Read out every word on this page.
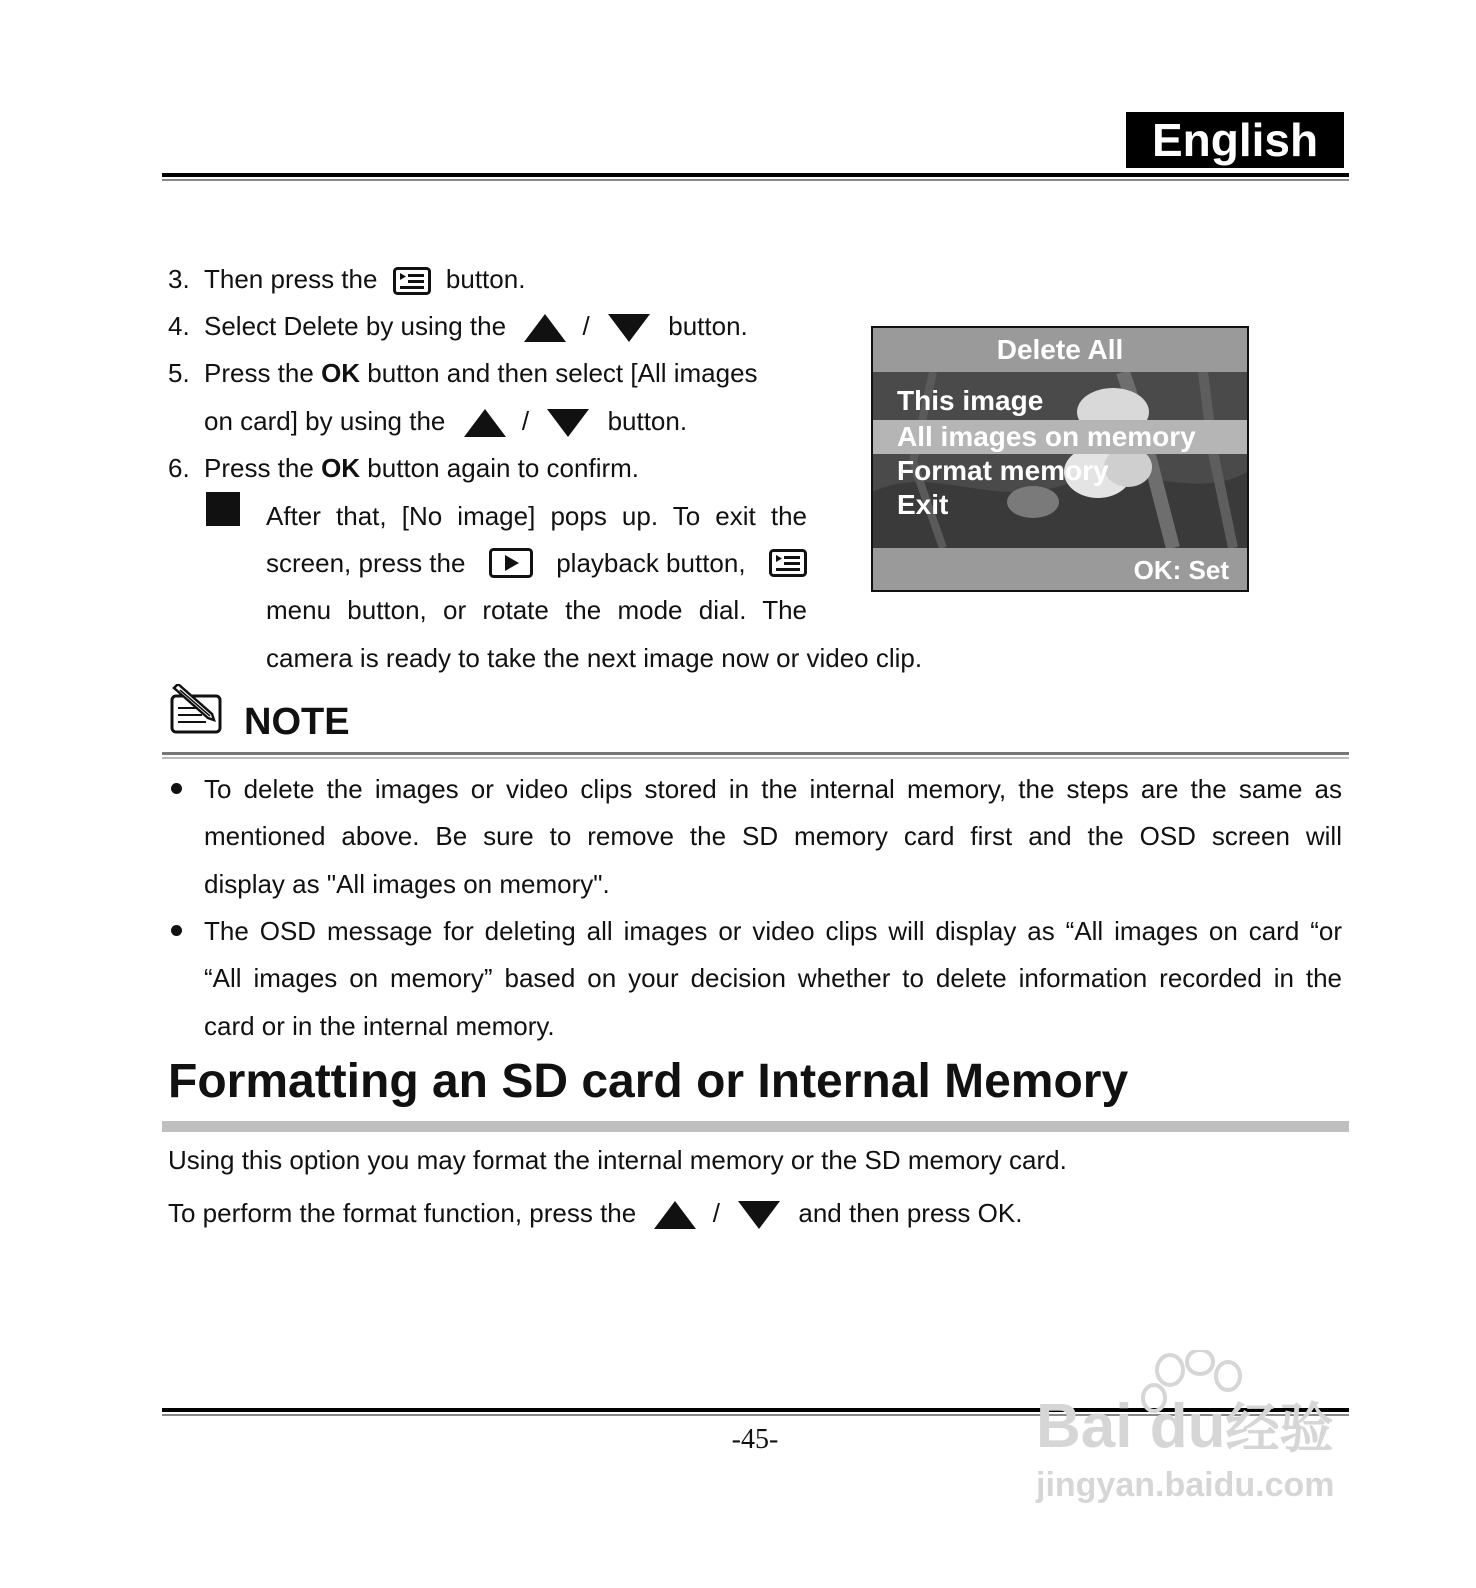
English
3. Then press the	button.
4. Select Delete by using the	/	button.
5. Press the OK button and then select [All images
on card] by using the	/	button.
6. Press the OK button again to confirm.
After that, [No image] pops up. To exit the
screen, press the	playback button,
menu button, or rotate the mode dial. The
camera is ready to take the next image now or video clip.
Delete All
This image
All images on memory
Format memory
Exit
OK: Set
NOTE
To delete the images or video clips stored in the internal memory, the steps are the same as
mentioned above. Be sure to remove the SD memory card first and the OSD screen will
display as "All images on memory".
The OSD message for deleting all images or video clips will display as “All images on card “or
“All images on memory” based on your decision whether to delete information recorded in the
card or in the internal memory.
Formatting an SD card or Internal Memory
Using this option you may format the internal memory or the SD memory card.
To perform the format function, press the	/	and then press OK.
-45-	Bai du经验
jingyan.baidu.com
